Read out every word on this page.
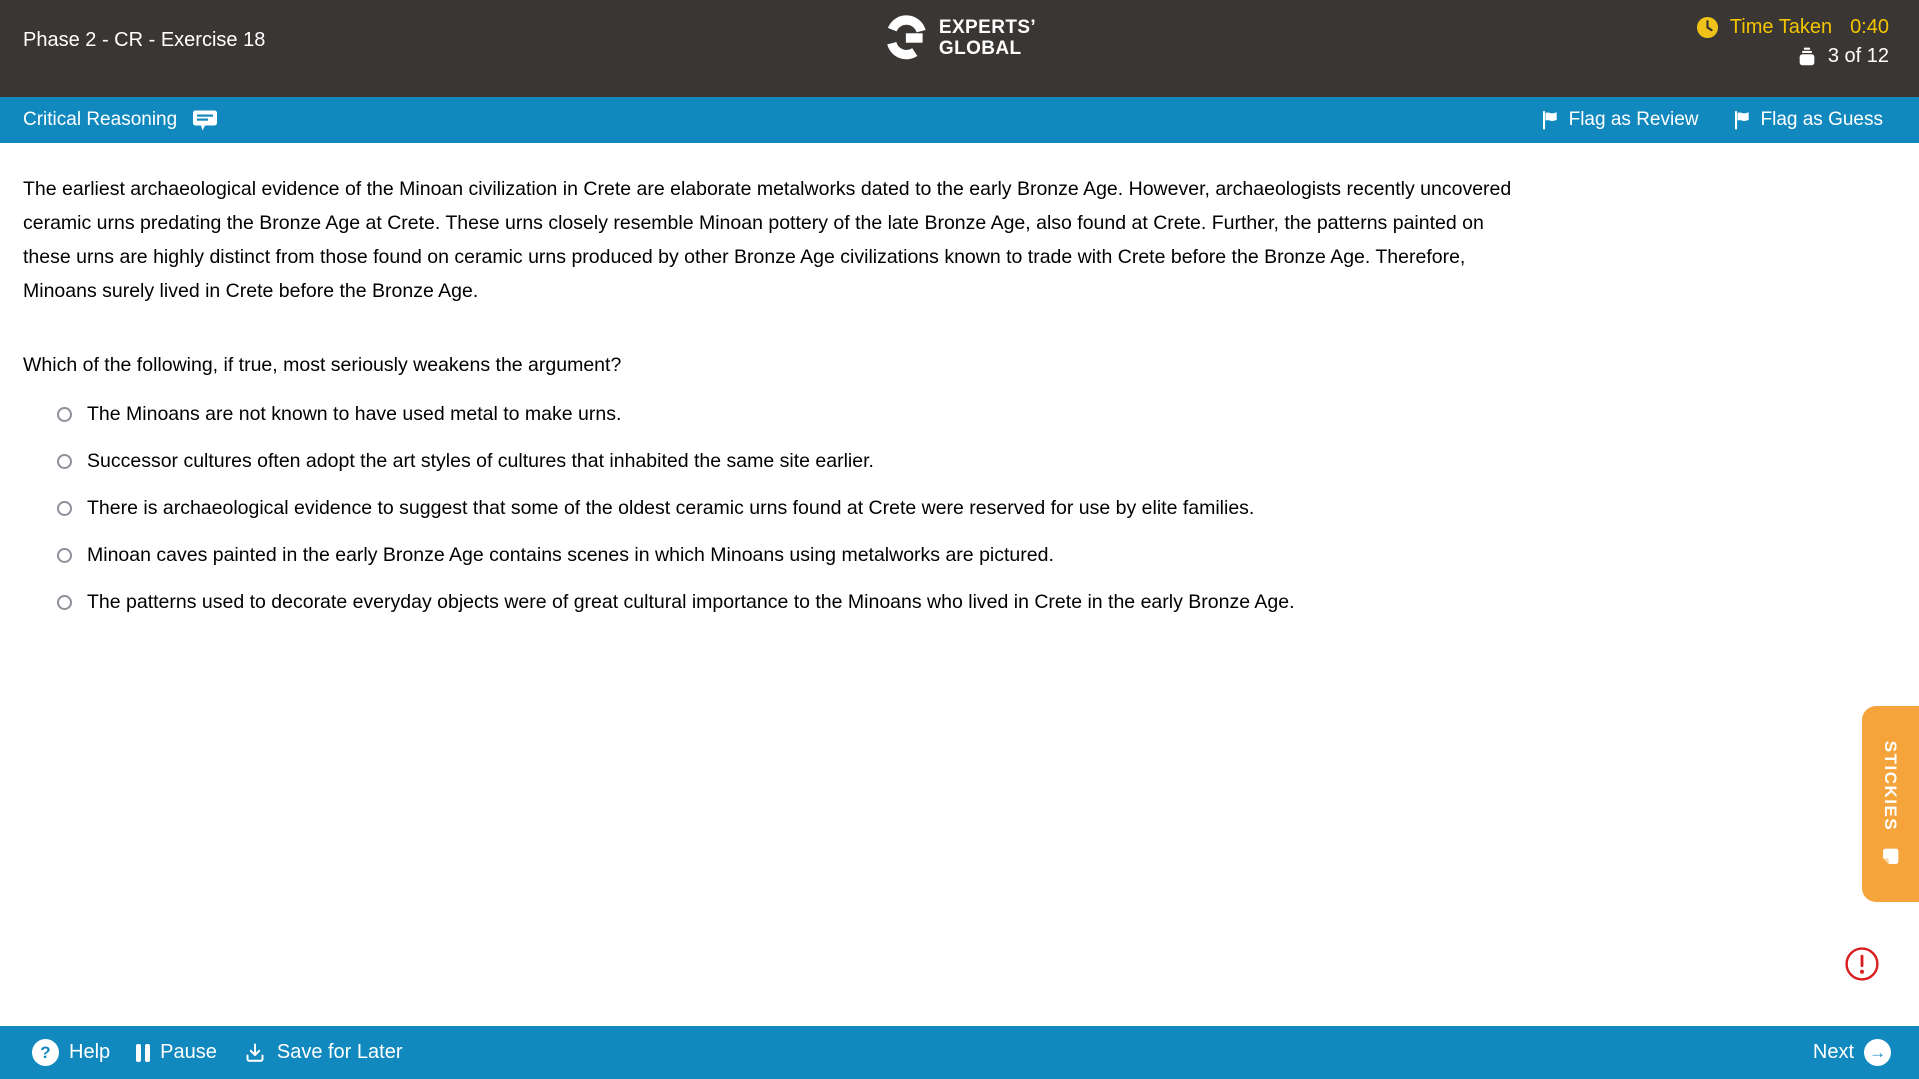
Phase 2 - CR - Exercise 18
EXPERTS’
GLOBAL
Time Taken 0:40
3 of 12
Critical Reasoning	Flag as Review	Flag as Guess
The earliest archaeological evidence of the Minoan civilization in Crete are elaborate metalworks dated to the early Bronze Age. However, archaeologists recently uncovered ceramic urns predating the Bronze Age at Crete. These urns closely resemble Minoan pottery of the late Bronze Age, also found at Crete. Further, the patterns painted on these urns are highly distinct from those found on ceramic urns produced by other Bronze Age civilizations known to trade with Crete before the Bronze Age. Therefore, Minoans surely lived in Crete before the Bronze Age.
Which of the following, if true, most seriously weakens the argument?
The Minoans are not known to have used metal to make urns.
Successor cultures often adopt the art styles of cultures that inhabited the same site earlier.
There is archaeological evidence to suggest that some of the oldest ceramic urns found at Crete were reserved for use by elite families.
Minoan caves painted in the early Bronze Age contains scenes in which Minoans using metalworks are pictured.
The patterns used to decorate everyday objects were of great cultural importance to the Minoans who lived in Crete in the early Bronze Age.
STICKIES
? Help	Pause	Save for Later	Next →
